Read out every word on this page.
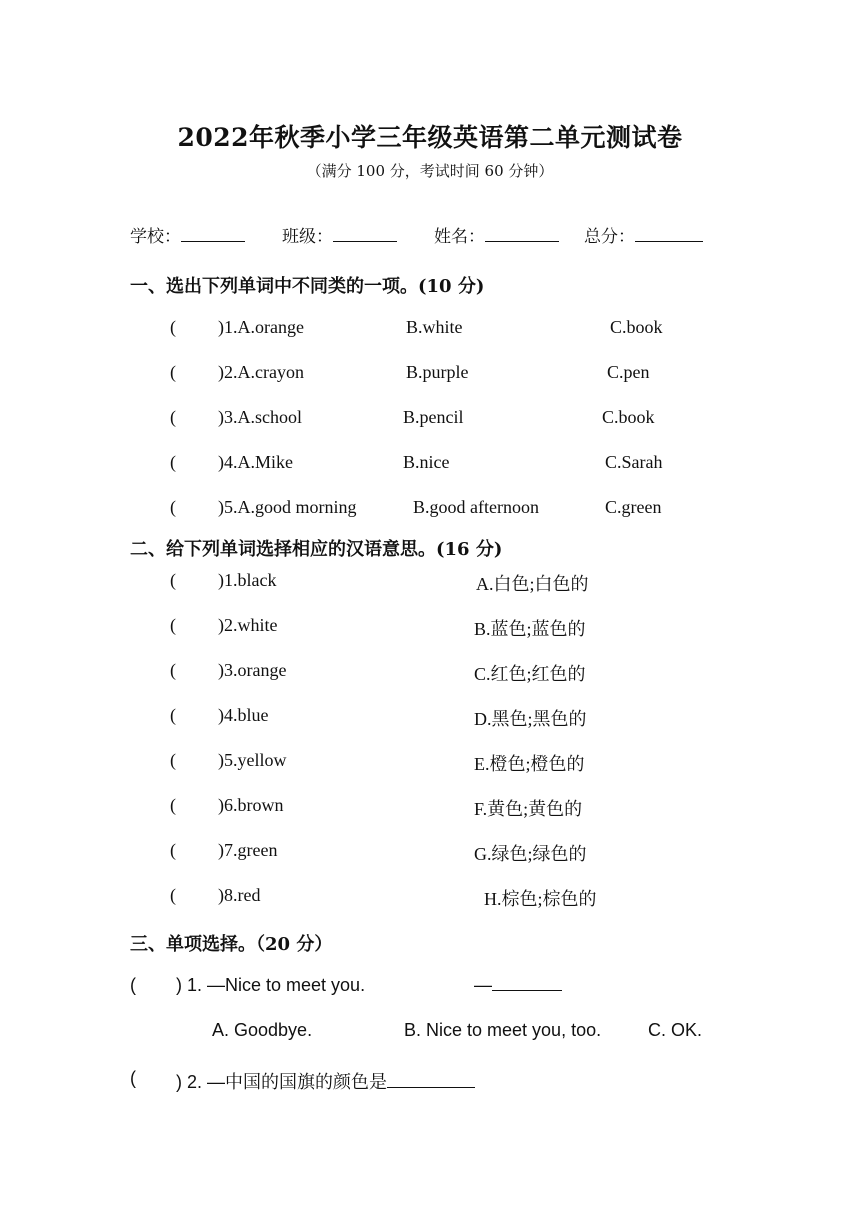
2022年秋季小学三年级英语第二单元测试卷
（满分 100 分，考试时间 60 分钟）
学校：	班级：	姓名：	总分：
一、选出下列单词中不同类的一项。(10 分)
( )1.A.orange	B.white	C.book
( )2.A.crayon	B.purple	C.pen
( )3.A.school	B.pencil	C.book
( )4.A.Mike	B.nice	C.Sarah
( )5.A.good morning	B.good afternoon	C.green
二、给下列单词选择相应的汉语意思。(16 分)
( )1.black	A.白色;白色的
( )2.white	B.蓝色;蓝色的
( )3.orange	C.红色;红色的
( )4.blue	D.黑色;黑色的
( )5.yellow	E.橙色;橙色的
( )6.brown	F.黄色;黄色的
( )7.green	G.绿色;绿色的
( )8.red	H.棕色;棕色的
三、单项选择。（20 分）
( ) 1. —Nice to meet you.	—
A. Goodbye.	B. Nice to meet you, too.	C. OK.
( ) 2. —中国的国旗的颜色是
